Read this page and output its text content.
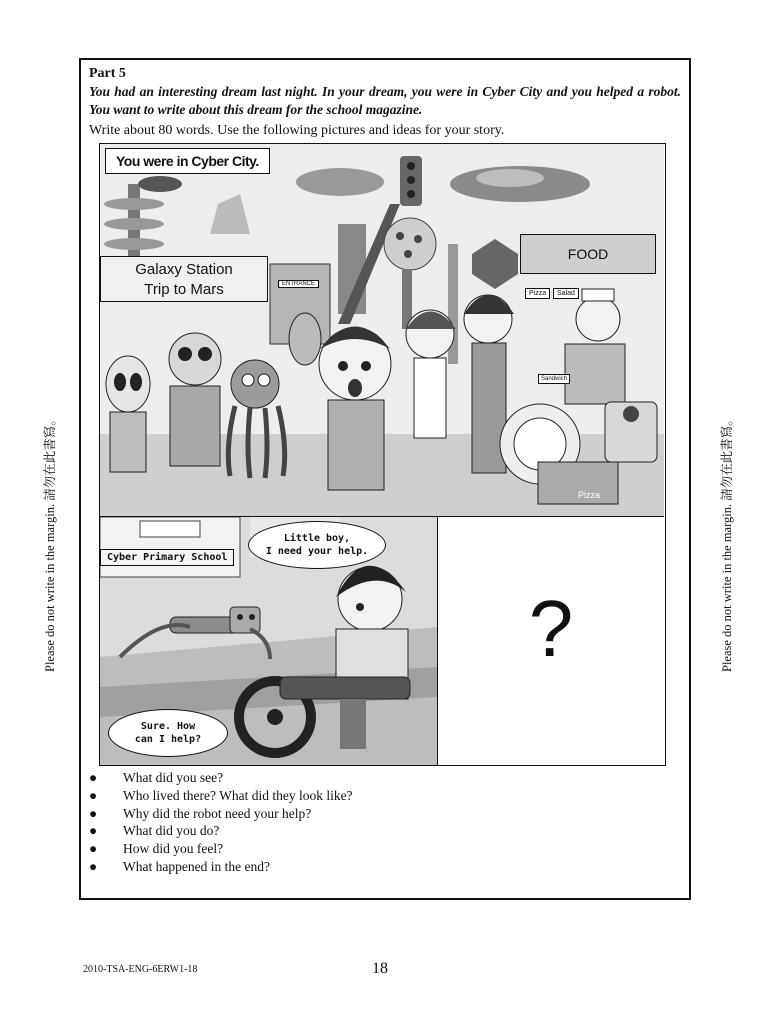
Part 5
You had an interesting dream last night. In your dream, you were in Cyber City and you helped a robot. You want to write about this dream for the school magazine.
Write about 80 words. Use the following pictures and ideas for your story.
You were in Cyber City.
Galaxy Station
Trip to Mars	ENTRANCE
FOOD
Pizza	Salad
Sandwich
Pizza
Cyber Primary School
Little boy,
I need your help.
Sure. How
can I help?
?
● What did you see?
● Who lived there? What did they look like?
● Why did the robot need your help?
● What did you do?
● How did you feel?
● What happened in the end?
Please do not write in the margin. 請勿在此書寫。	Please do not write in the margin. 請勿在此書寫。
2010-TSA-ENG-6ERW1-18	18
